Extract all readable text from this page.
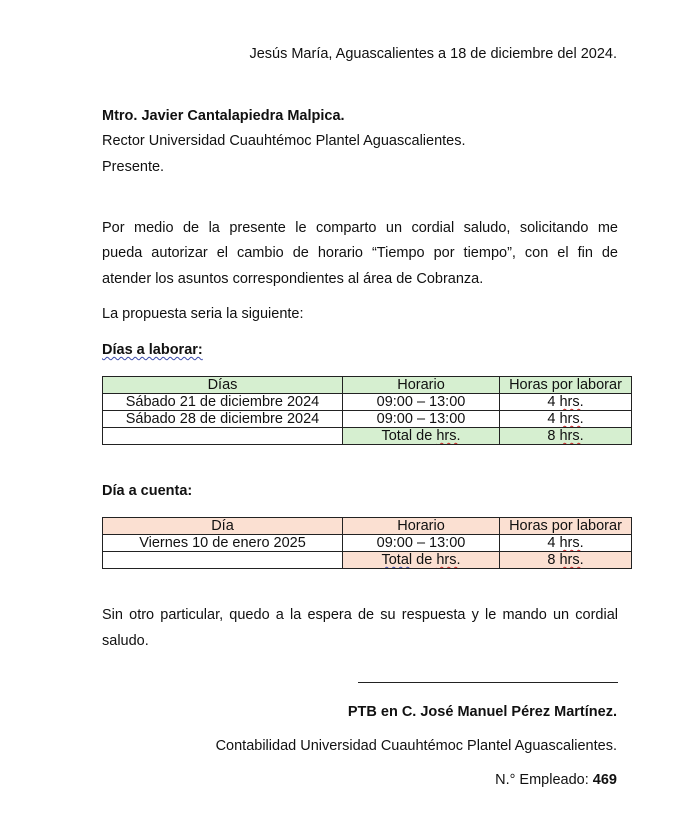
Jesús María, Aguascalientes a 18 de diciembre del 2024.
Mtro. Javier Cantalapiedra Malpica.
Rector Universidad Cuauhtémoc Plantel Aguascalientes.
Presente.
Por medio de la presente le comparto un cordial saludo, solicitando me
pueda autorizar el cambio de horario “Tiempo por tiempo”, con el fin de
atender los asuntos correspondientes al área de Cobranza.
La propuesta seria la siguiente:
Días a laborar:
Días	Horario	Horas por laborar
Sábado 21 de diciembre 2024	09:00 – 13:00	4 hrs.
Sábado 28 de diciembre 2024	09:00 – 13:00	4 hrs.
	Total de hrs.	8 hrs.
Día a cuenta:
Día	Horario	Horas por laborar
Viernes 10 de enero 2025	09:00 – 13:00	4 hrs.
	Total de hrs.	8 hrs.
Sin otro particular, quedo a la espera de su respuesta y le mando un cordial
saludo.
PTB en C. José Manuel Pérez Martínez.
Contabilidad Universidad Cuauhtémoc Plantel Aguascalientes.
N.° Empleado: 469
